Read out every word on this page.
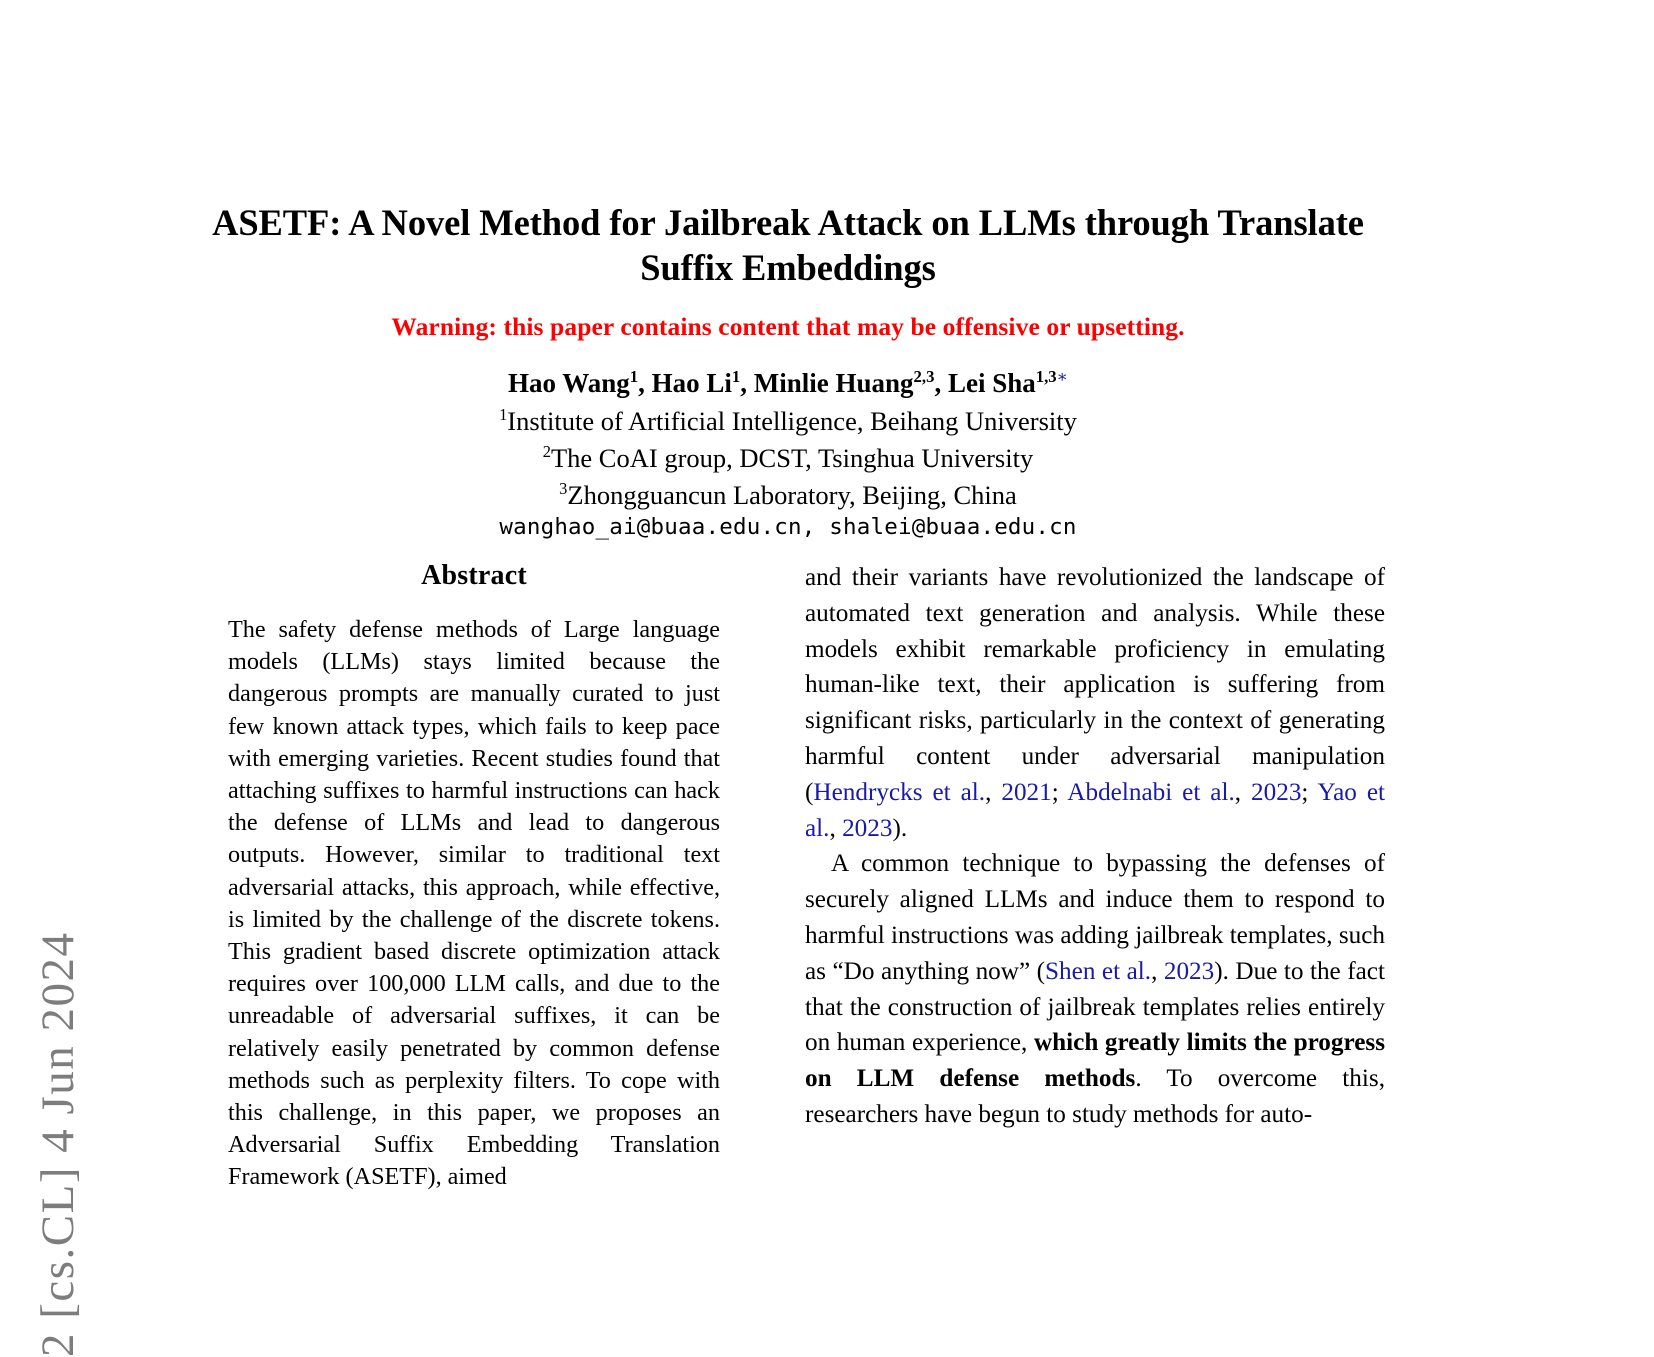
2 [cs.CL] 4 Jun 2024
ASETF: A Novel Method for Jailbreak Attack on LLMs through Translate Suffix Embeddings
Warning: this paper contains content that may be offensive or upsetting.
Hao Wang$^1$, Hao Li$^1$, Minlie Huang$^{2,3}$, Lei Sha$^{1,3∗}$
$^1$Institute of Artificial Intelligence, Beihang University
$^2$The CoAI group, DCST, Tsinghua University
$^3$Zhongguancun Laboratory, Beijing, China
wanghao_ai@buaa.edu.cn, shalei@buaa.edu.cn
Abstract

The safety defense methods of Large language models (LLMs) stays limited because the dangerous prompts are manually curated to just few known attack types, which fails to keep pace with emerging varieties. Recent studies found that attaching suffixes to harmful instructions can hack the defense of LLMs and lead to dangerous outputs. However, similar to traditional text adversarial attacks, this approach, while effective, is limited by the challenge of the discrete tokens. This gradient based discrete optimization attack requires over 100,000 LLM calls, and due to the unreadable of adversarial suffixes, it can be relatively easily penetrated by common defense methods such as perplexity filters. To cope with this challenge, in this paper, we proposes an Adversarial Suffix Embedding Translation Framework (ASETF), aimed

and their variants have revolutionized the landscape of automated text generation and analysis. While these models exhibit remarkable proficiency in emulating human-like text, their application is suffering from significant risks, particularly in the context of generating harmful content under adversarial manipulation (Hendrycks et al., 2021; Abdelnabi et al., 2023; Yao et al., 2023).

A common technique to bypassing the defenses of securely aligned LLMs and induce them to respond to harmful instructions was adding jailbreak templates, such as “Do anything now” (Shen et al., 2023). Due to the fact that the construction of jailbreak templates relies entirely on human experience, which greatly limits the progress on LLM defense methods. To overcome this, researchers have begun to study methods for auto-
